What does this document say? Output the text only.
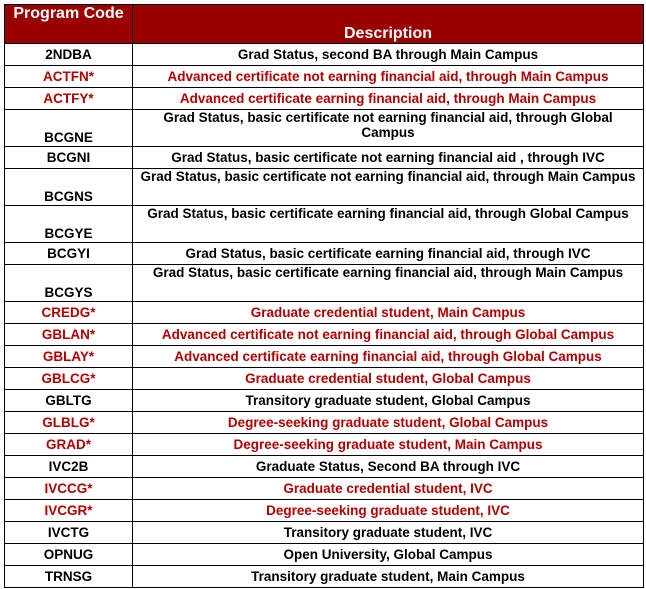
Program Code	Description
2NDBA	Grad Status, second BA through Main Campus
ACTFN*	Advanced certificate not earning financial aid, through Main Campus
ACTFY*	Advanced certificate earning financial aid, through Main Campus
BCGNE	Grad Status, basic certificate not earning financial aid, through Global Campus
BCGNI	Grad Status, basic certificate not earning financial aid , through IVC
BCGNS	Grad Status, basic certificate not earning financial aid, through Main Campus
BCGYE	Grad Status, basic certificate earning financial aid, through Global Campus
BCGYI	Grad Status, basic certificate earning financial aid, through IVC
BCGYS	Grad Status, basic certificate earning financial aid, through Main Campus
CREDG*	Graduate credential student, Main Campus
GBLAN*	Advanced certificate not earning financial aid, through Global Campus
GBLAY*	Advanced certificate earning financial aid, through Global Campus
GBLCG*	Graduate credential student, Global Campus
GBLTG	Transitory graduate student, Global Campus
GLBLG*	Degree-seeking graduate student, Global Campus
GRAD*	Degree-seeking graduate student, Main Campus
IVC2B	Graduate Status, Second BA through IVC
IVCCG*	Graduate credential student, IVC
IVCGR*	Degree-seeking graduate student, IVC
IVCTG	Transitory graduate student, IVC
OPNUG	Open University, Global Campus
TRNSG	Transitory graduate student, Main Campus
